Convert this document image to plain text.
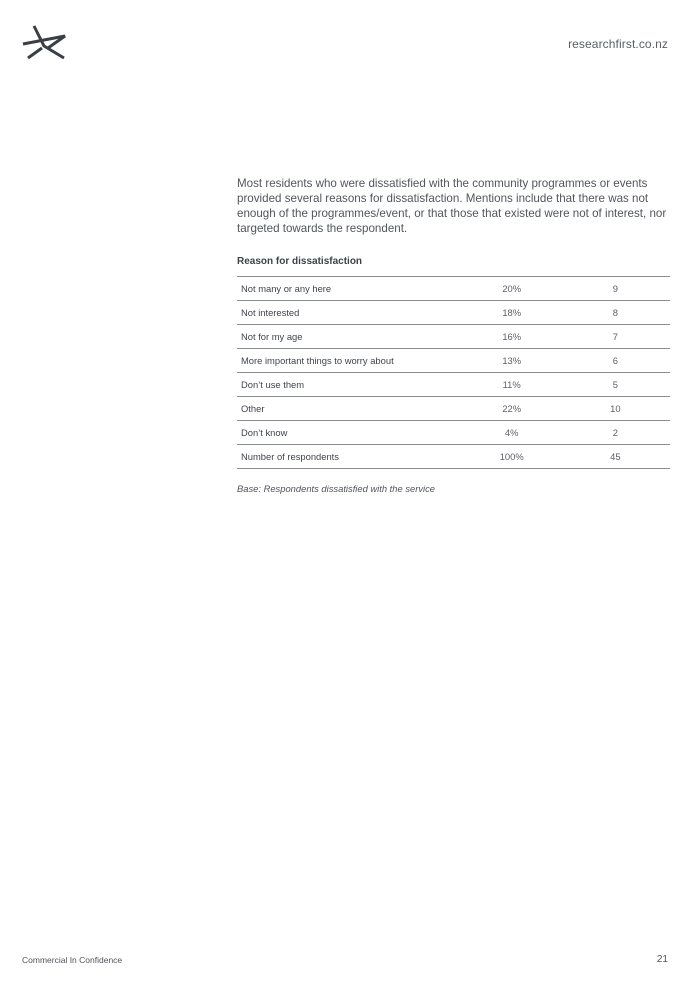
researchfirst.co.nz

Most residents who were dissatisfied with the community programmes or events provided several reasons for dissatisfaction. Mentions include that there was not enough of the programmes/event, or that those that existed were not of interest, nor targeted towards the respondent.

Reason for dissatisfaction

Not many or any here	20%	9
Not interested	18%	8
Not for my age	16%	7
More important things to worry about	13%	6
Don’t use them	11%	5
Other	22%	10
Don’t know	4%	2
Number of respondents	100%	45

Base: Respondents dissatisfied with the service

Commercial In Confidence	21
